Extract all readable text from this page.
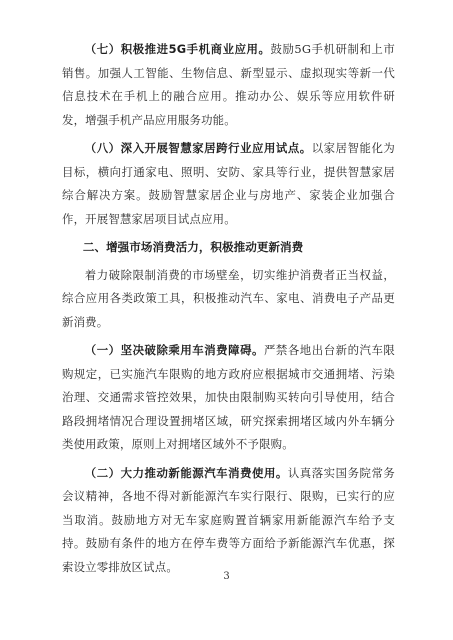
（七）积极推进5G手机商业应用。鼓励5G手机研制和上市销售。加强人工智能、生物信息、新型显示、虚拟现实等新一代信息技术在手机上的融合应用。推动办公、娱乐等应用软件研发，增强手机产品应用服务功能。

（八）深入开展智慧家居跨行业应用试点。以家居智能化为目标，横向打通家电、照明、安防、家具等行业，提供智慧家居综合解决方案。鼓励智慧家居企业与房地产、家装企业加强合作，开展智慧家居项目试点应用。

二、增强市场消费活力，积极推动更新消费

着力破除限制消费的市场壁垒，切实维护消费者正当权益，综合应用各类政策工具，积极推动汽车、家电、消费电子产品更新消费。

（一）坚决破除乘用车消费障碍。严禁各地出台新的汽车限购规定，已实施汽车限购的地方政府应根据城市交通拥堵、污染治理、交通需求管控效果，加快由限制购买转向引导使用，结合路段拥堵情况合理设置拥堵区域，研究探索拥堵区域内外车辆分类使用政策，原则上对拥堵区域外不予限购。

（二）大力推动新能源汽车消费使用。认真落实国务院常务会议精神，各地不得对新能源汽车实行限行、限购，已实行的应当取消。鼓励地方对无车家庭购置首辆家用新能源汽车给予支持。鼓励有条件的地方在停车费等方面给予新能源汽车优惠，探索设立零排放区试点。

3
